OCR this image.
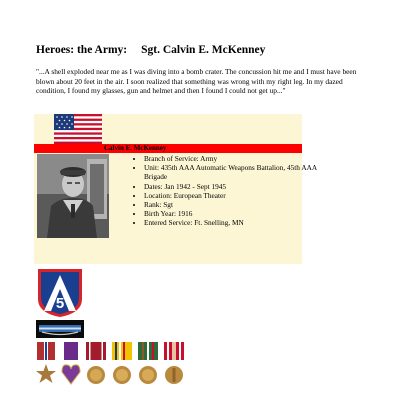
Heroes: the Army: Sgt. Calvin E. McKenney

"...A shell exploded near me as I was diving into a bomb crater. The concussion hit me and I must have been blown about 20 feet in the air. I soon realized that something was wrong with my right leg. In my dazed condition, I found my glasses, gun and helmet and then I found I could not get up..."

Calvin E. McKenney
• Branch of Service: Army
• Unit: 435th AAA Automatic Weapons Battalion, 45th AAA Brigade
• Dates: Jan 1942 - Sept 1945
• Location: European Theater
• Rank: Sgt
• Birth Year: 1916
• Entered Service: Ft. Snelling, MN
5
